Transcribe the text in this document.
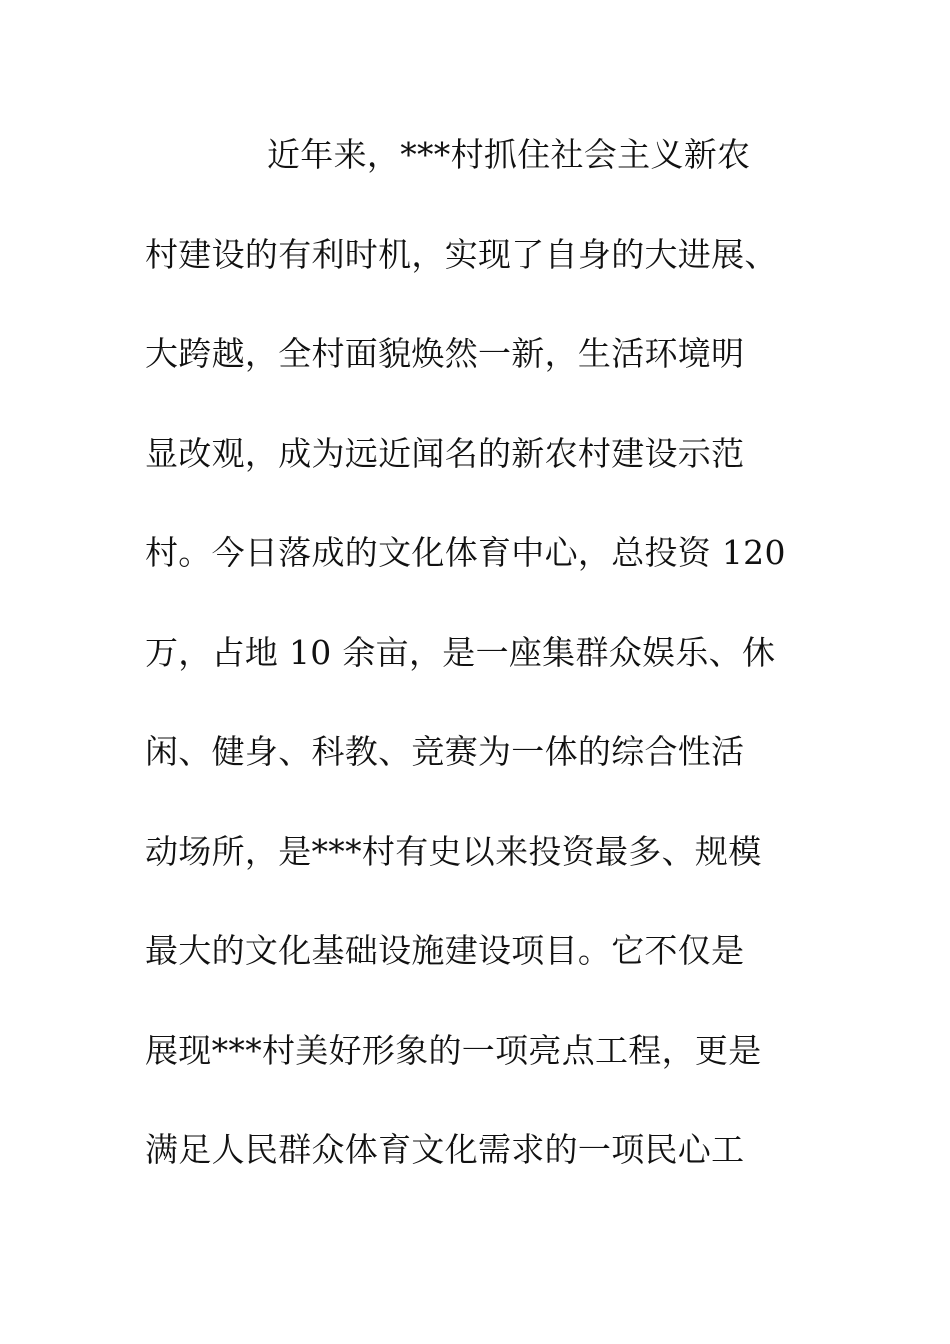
近年来，***村抓住社会主义新农
村建设的有利时机，实现了自身的大进展、
大跨越，全村面貌焕然一新，生活环境明
显改观，成为远近闻名的新农村建设示范
村。今日落成的文化体育中心，总投资 120
万，占地 10 余亩，是一座集群众娱乐、休
闲、健身、科教、竞赛为一体的综合性活
动场所，是***村有史以来投资最多、规模
最大的文化基础设施建设项目。它不仅是
展现***村美好形象的一项亮点工程，更是
满足人民群众体育文化需求的一项民心工
